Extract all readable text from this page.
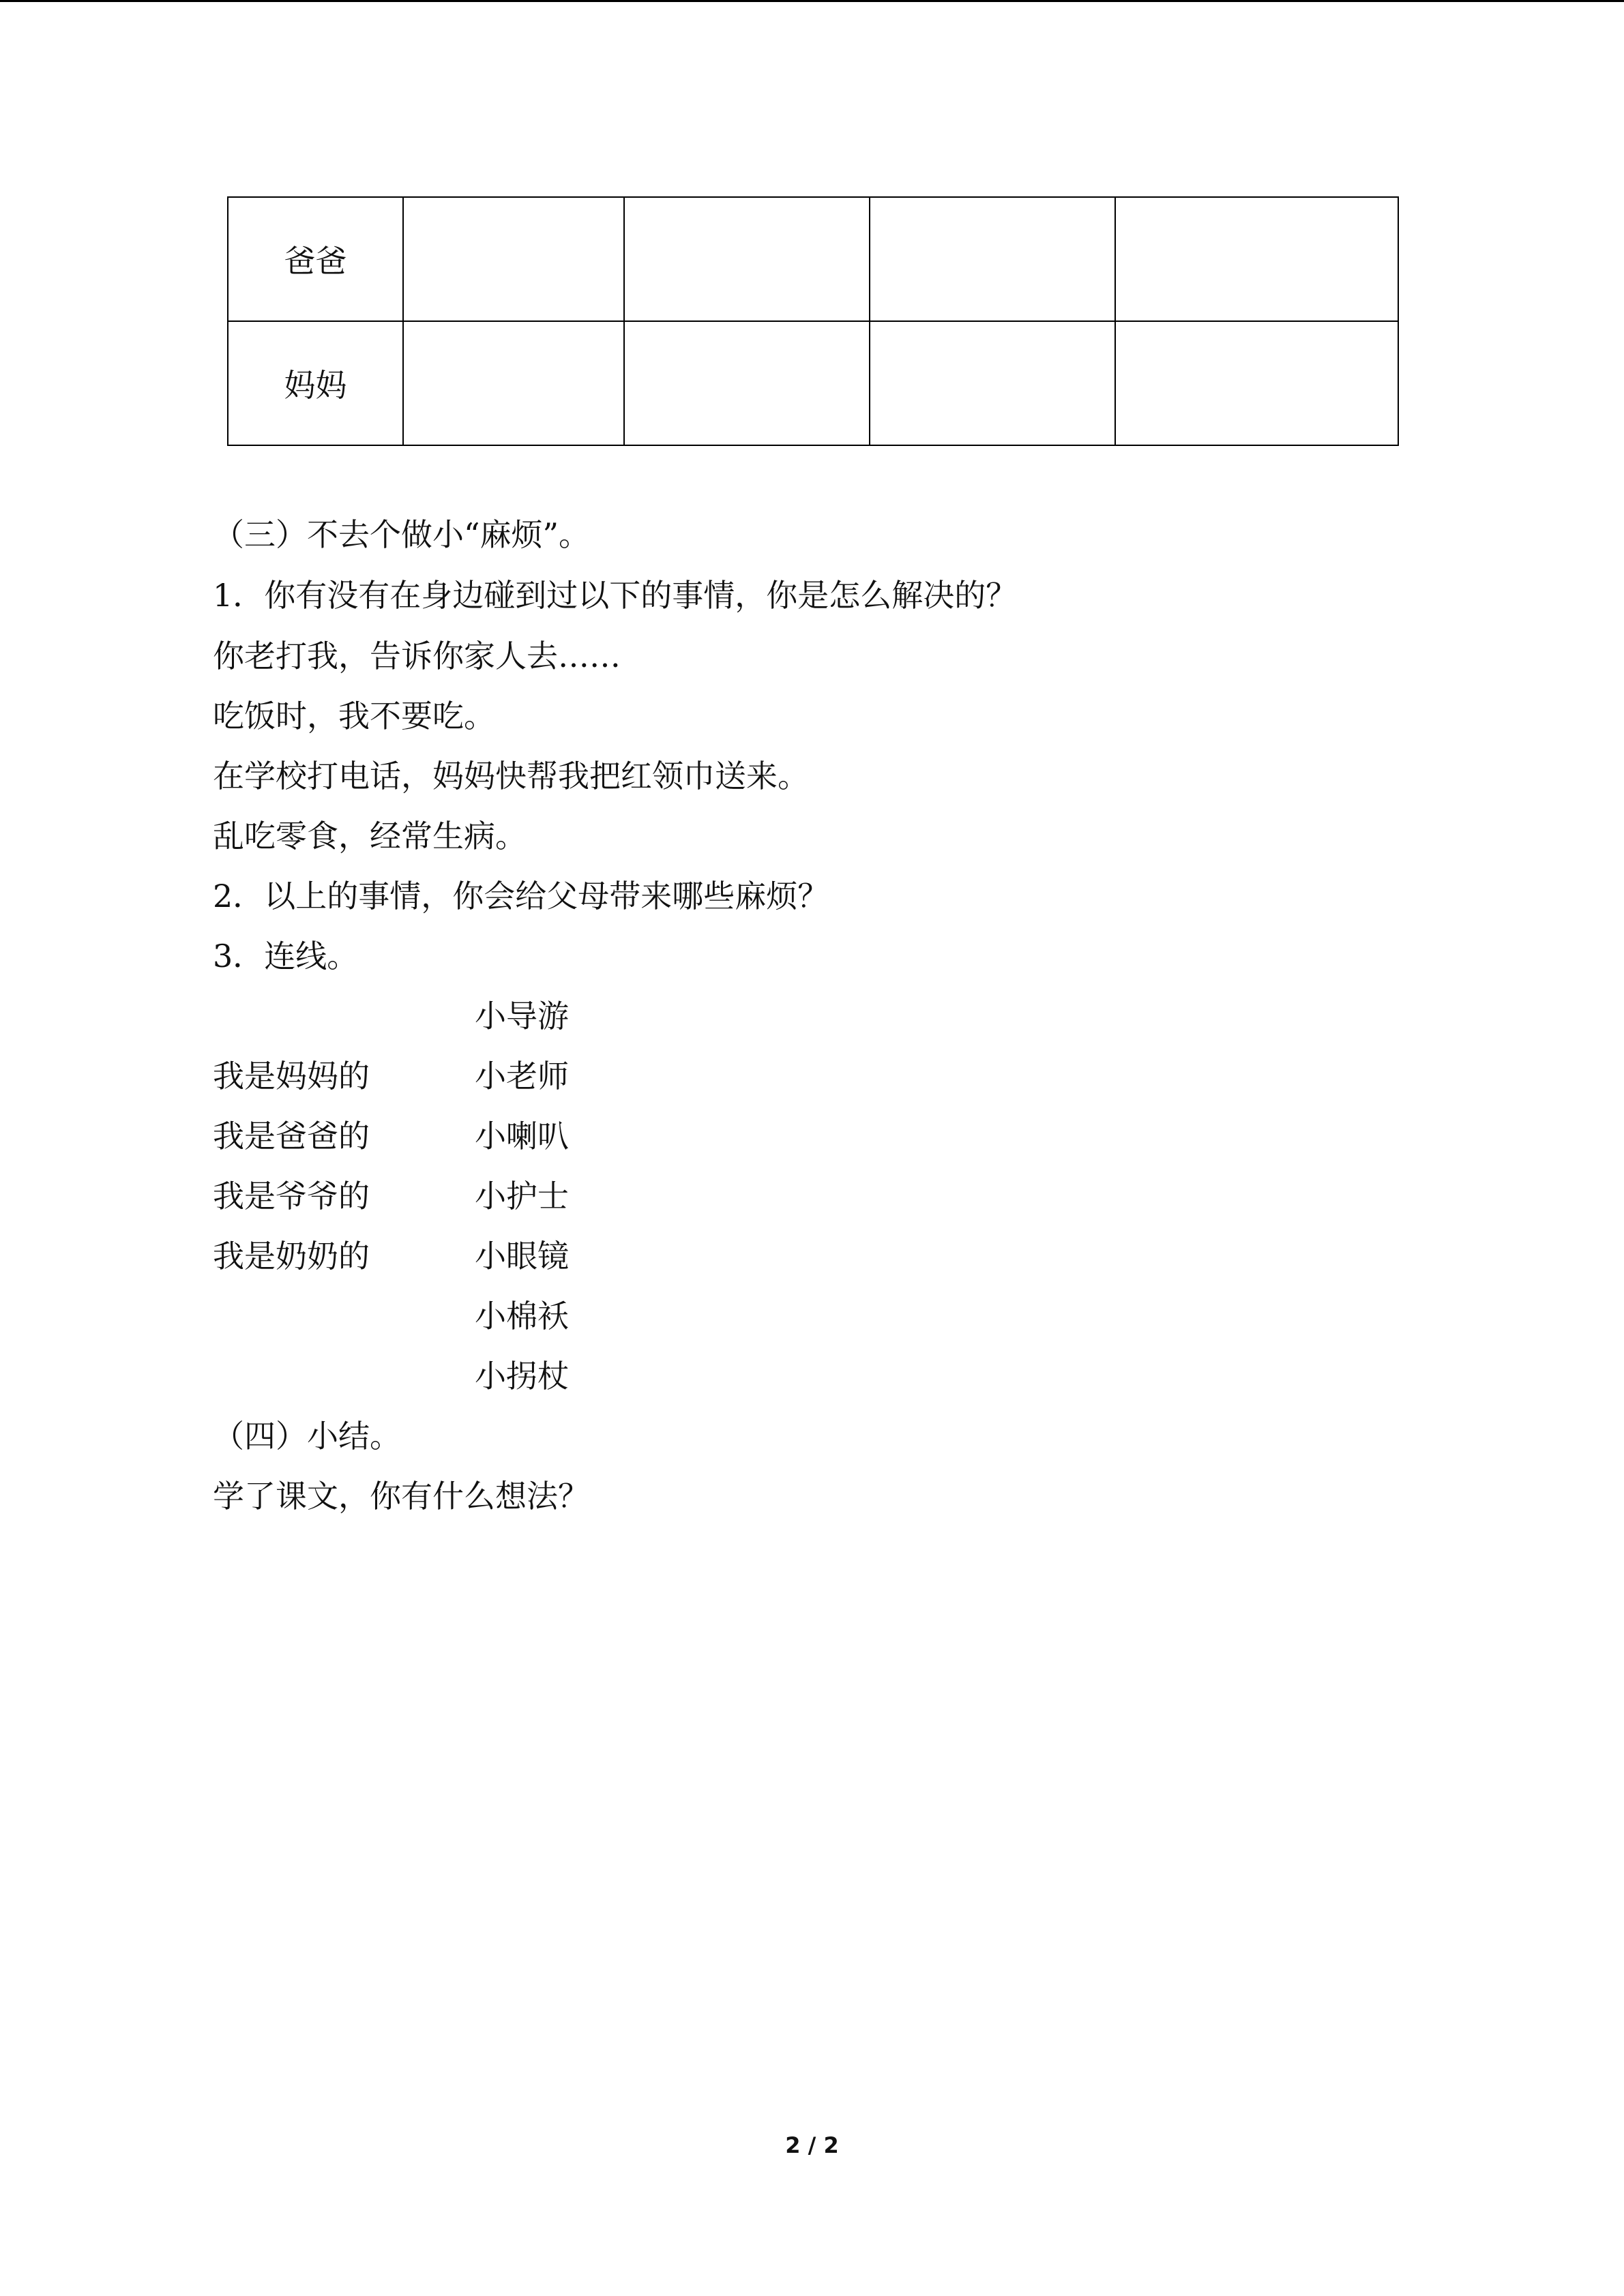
爸爸				
妈妈				
（三）不去个做小“麻烦”。
1．你有没有在身边碰到过以下的事情，你是怎么解决的？
你老打我，告诉你家人去……
吃饭时，我不要吃。
在学校打电话，妈妈快帮我把红领巾送来。
乱吃零食，经常生病。
2．以上的事情，你会给父母带来哪些麻烦？
3．连线。
小导游
小老师
小喇叭
小护士
小眼镜
小棉袄
小拐杖
我是妈妈的
我是爸爸的
我是爷爷的
我是奶奶的
（四）小结。
学了课文，你有什么想法？
2 / 2
